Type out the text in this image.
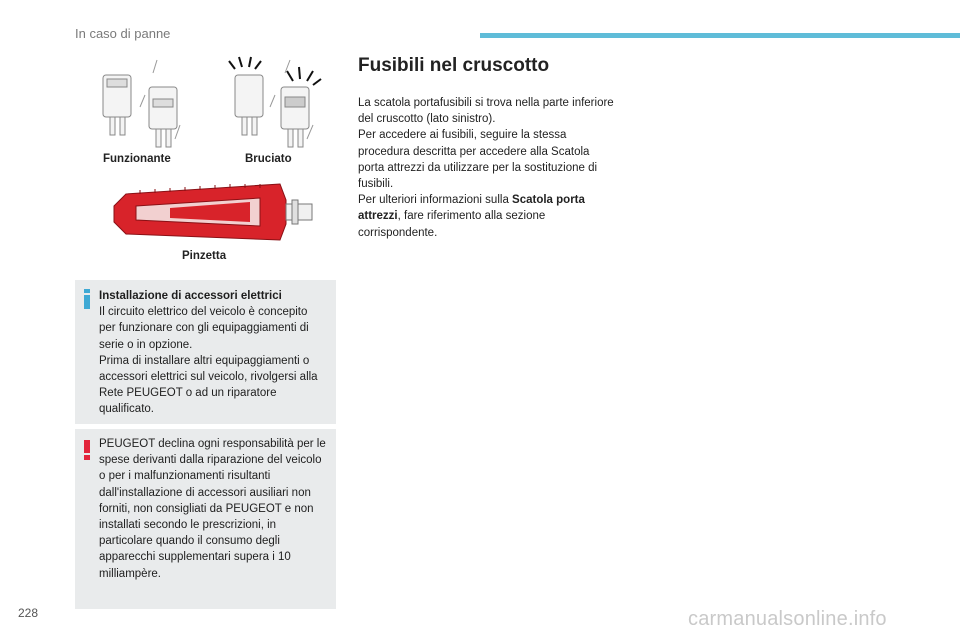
In caso di panne
Funzionante	Bruciato
Pinzetta

Installazione di accessori elettrici

Il circuito elettrico del veicolo è concepito per funzionare con gli equipaggiamenti di serie o in opzione.
Prima di installare altri equipaggiamenti o accessori elettrici sul veicolo, rivolgersi alla Rete PEUGEOT o ad un riparatore qualificato.

PEUGEOT declina ogni responsabilità per le spese derivanti dalla riparazione del veicolo o per i malfunzionamenti risultanti dall'installazione di accessori ausiliari non forniti, non consigliati da PEUGEOT e non installati secondo le prescrizioni, in particolare quando il consumo degli apparecchi supplementari supera i 10 milliampère.

Fusibili nel cruscotto

La scatola portafusibili si trova nella parte inferiore del cruscotto (lato sinistro).

Per accedere ai fusibili, seguire la stessa procedura descritta per accedere alla Scatola porta attrezzi da utilizzare per la sostituzione di fusibili.

Per ulteriori informazioni sulla Scatola porta attrezzi, fare riferimento alla sezione corrispondente.

228	carmanualsonline.info
